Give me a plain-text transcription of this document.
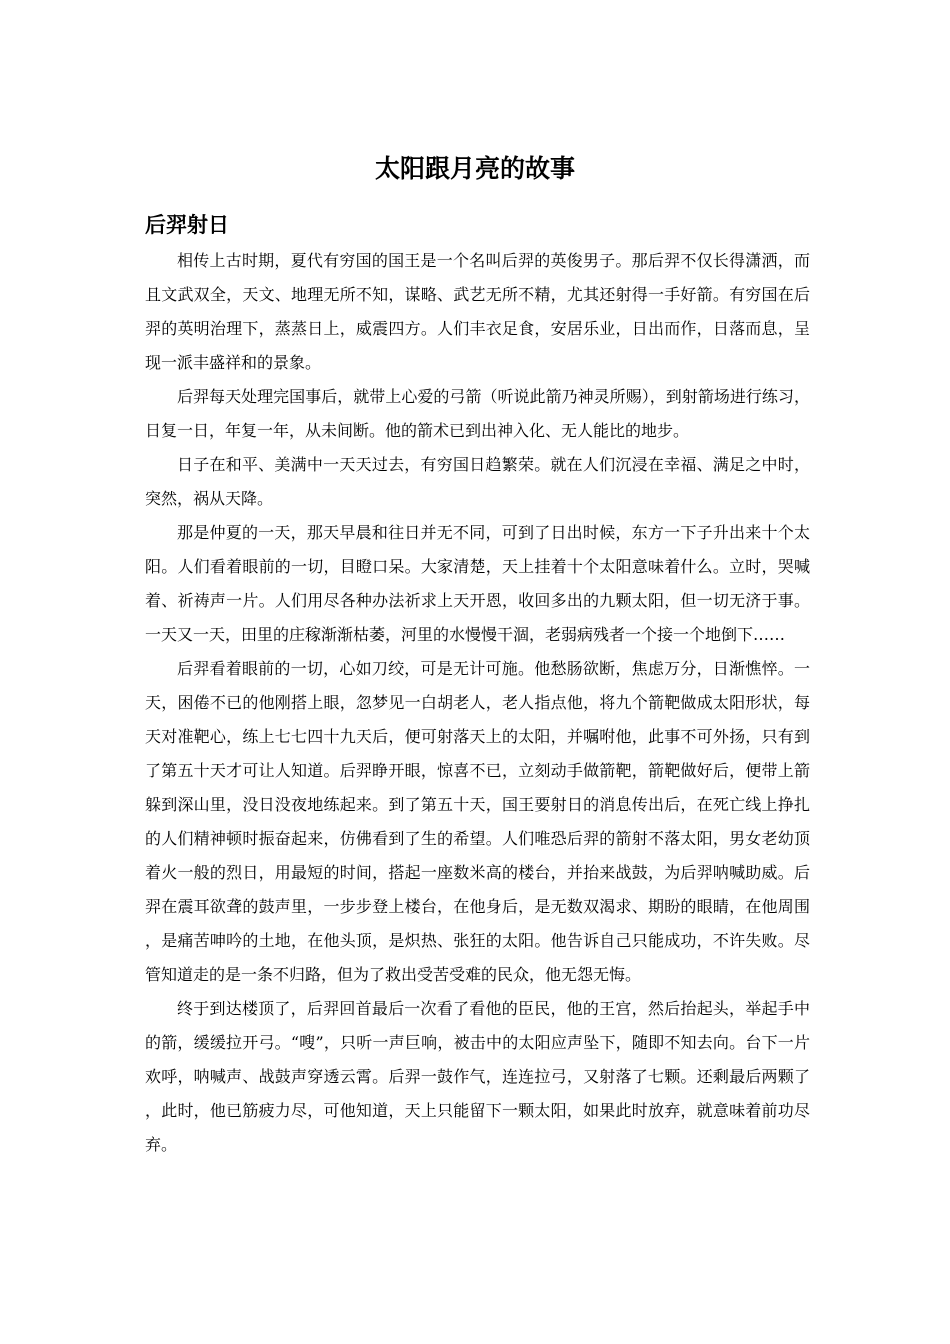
太阳跟月亮的故事
后羿射日

相传上古时期，夏代有穷国的国王是一个名叫后羿的英俊男子。那后羿不仅长得潇洒，而且文武双全，天文、地理无所不知，谋略、武艺无所不精，尤其还射得一手好箭。有穷国在后羿的英明治理下，蒸蒸日上，威震四方。人们丰衣足食，安居乐业，日出而作，日落而息，呈现一派丰盛祥和的景象。

后羿每天处理完国事后，就带上心爱的弓箭（听说此箭乃神灵所赐），到射箭场进行练习，日复一日，年复一年，从未间断。他的箭术已到出神入化、无人能比的地步。

日子在和平、美满中一天天过去，有穷国日趋繁荣。就在人们沉浸在幸福、满足之中时，突然，祸从天降。

那是仲夏的一天，那天早晨和往日并无不同，可到了日出时候，东方一下子升出来十个太阳。人们看着眼前的一切，目瞪口呆。大家清楚，天上挂着十个太阳意味着什么。立时，哭喊着、祈祷声一片。人们用尽各种办法祈求上天开恩，收回多出的九颗太阳，但一切无济于事。一天又一天，田里的庄稼渐渐枯萎，河里的水慢慢干涸，老弱病残者一个接一个地倒下……

后羿看着眼前的一切，心如刀绞，可是无计可施。他愁肠欲断，焦虑万分，日渐憔悴。一天，困倦不已的他刚搭上眼，忽梦见一白胡老人，老人指点他，将九个箭靶做成太阳形状，每天对准靶心，练上七七四十九天后，便可射落天上的太阳，并嘱咐他，此事不可外扬，只有到了第五十天才可让人知道。后羿睁开眼，惊喜不已，立刻动手做箭靶，箭靶做好后，便带上箭躲到深山里，没日没夜地练起来。到了第五十天，国王要射日的消息传出后，在死亡线上挣扎的人们精神顿时振奋起来，仿佛看到了生的希望。人们唯恐后羿的箭射不落太阳，男女老幼顶着火一般的烈日，用最短的时间，搭起一座数米高的楼台，并抬来战鼓，为后羿呐喊助威。后羿在震耳欲聋的鼓声里，一步步登上楼台，在他身后，是无数双渴求、期盼的眼睛，在他周围，是痛苦呻吟的土地，在他头顶，是炽热、张狂的太阳。他告诉自己只能成功，不许失败。尽管知道走的是一条不归路，但为了救出受苦受难的民众，他无怨无悔。

终于到达楼顶了，后羿回首最后一次看了看他的臣民，他的王宫，然后抬起头，举起手中的箭，缓缓拉开弓。“嗖”，只听一声巨响，被击中的太阳应声坠下，随即不知去向。台下一片欢呼，呐喊声、战鼓声穿透云霄。后羿一鼓作气，连连拉弓，又射落了七颗。还剩最后两颗了，此时，他已筋疲力尽，可他知道，天上只能留下一颗太阳，如果此时放弃，就意味着前功尽弃。
